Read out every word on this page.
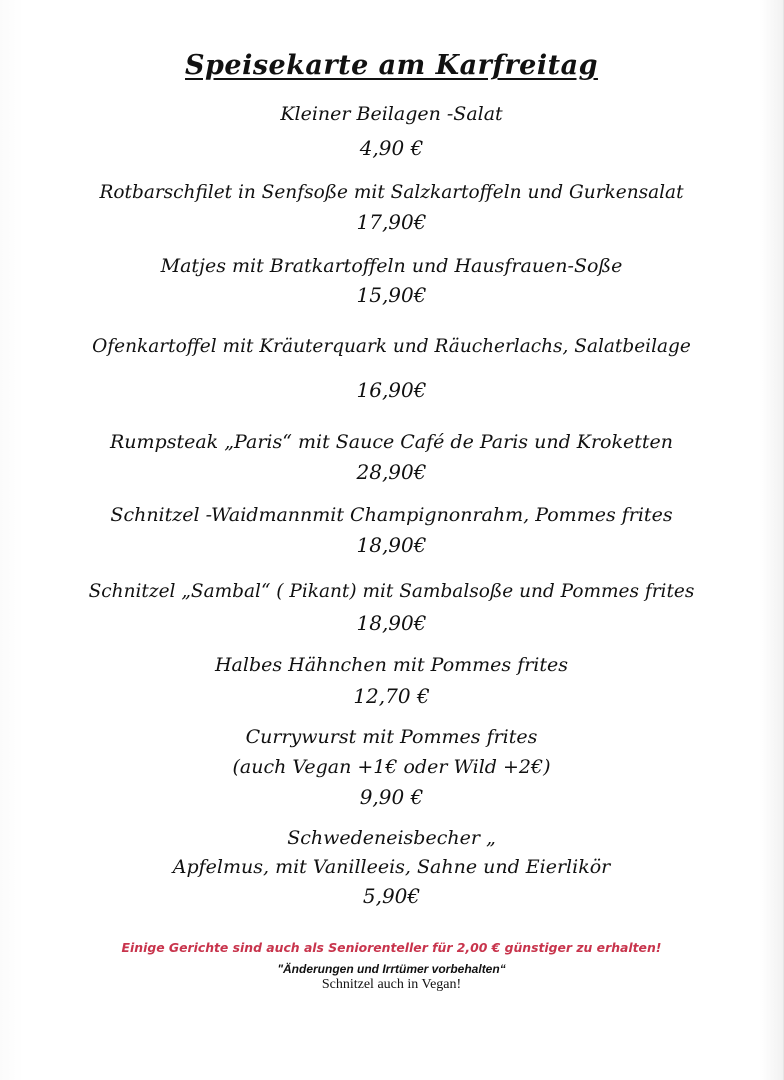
Speisekarte am Karfreitag
Kleiner Beilagen -Salat
4,90 €
Rotbarschfilet in Senfsoße mit Salzkartoffeln und Gurkensalat
17,90€
Matjes mit Bratkartoffeln und Hausfrauen-Soße
15,90€
Ofenkartoffel mit Kräuterquark und Räucherlachs, Salatbeilage
16,90€
Rumpsteak „Paris“ mit Sauce Café de Paris und Kroketten
28,90€
Schnitzel -Waidmannmit Champignonrahm, Pommes frites
18,90€
Schnitzel „Sambal“ ( Pikant) mit Sambalsoße und Pommes frites
18,90€
Halbes Hähnchen mit Pommes frites
12,70 €
Currywurst mit Pommes frites
(auch Vegan +1€ oder Wild +2€)
9,90 €
Schwedeneisbecher „
Apfelmus, mit Vanilleeis, Sahne und Eierlikör
5,90€
Einige Gerichte sind auch als Seniorenteller für 2,00 € günstiger zu erhalten!
"Änderungen und Irrtümer vorbehalten“
Schnitzel auch in Vegan!
